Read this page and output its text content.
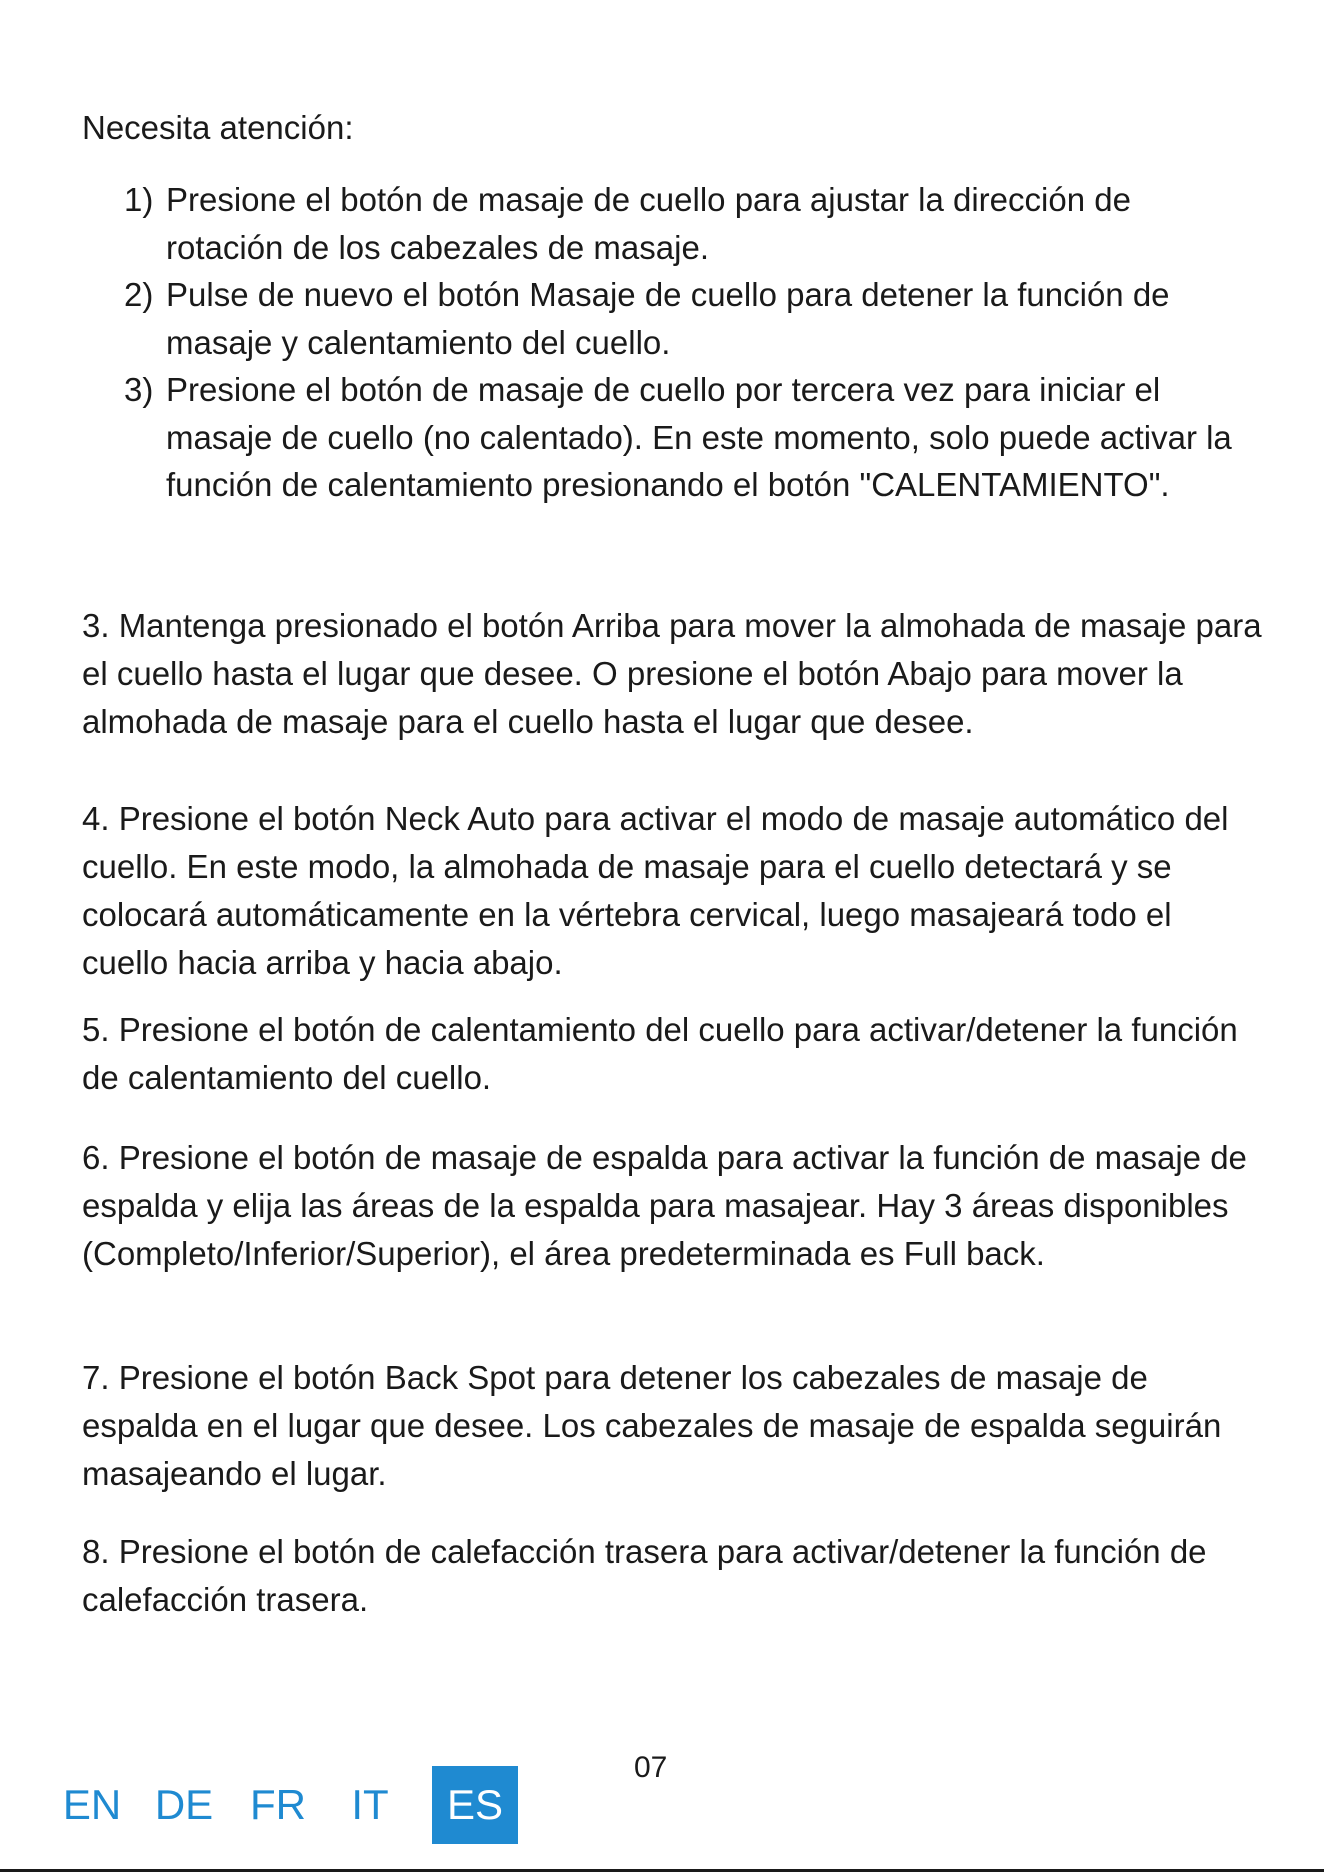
Necesita atención:

1) Presione el botón de masaje de cuello para ajustar la dirección de rotación de los cabezales de masaje.
2) Pulse de nuevo el botón Masaje de cuello para detener la función de masaje y calentamiento del cuello.
3) Presione el botón de masaje de cuello por tercera vez para iniciar el masaje de cuello (no calentado). En este momento, solo puede activar la función de calentamiento presionando el botón "CALENTAMIENTO".

3. Mantenga presionado el botón Arriba para mover la almohada de masaje para el cuello hasta el lugar que desee. O presione el botón Abajo para mover la almohada de masaje para el cuello hasta el lugar que desee.

4. Presione el botón Neck Auto para activar el modo de masaje automático del cuello. En este modo, la almohada de masaje para el cuello detectará y se colocará automáticamente en la vértebra cervical, luego masajeará todo el cuello hacia arriba y hacia abajo.

5. Presione el botón de calentamiento del cuello para activar/detener la función de calentamiento del cuello.

6. Presione el botón de masaje de espalda para activar la función de masaje de espalda y elija las áreas de la espalda para masajear. Hay 3 áreas disponibles (Completo/Inferior/Superior), el área predeterminada es Full back.

7. Presione el botón Back Spot para detener los cabezales de masaje de espalda en el lugar que desee. Los cabezales de masaje de espalda seguirán masajeando el lugar.

8. Presione el botón de calefacción trasera para activar/detener la función de calefacción trasera.

07
EN DE FR IT	ES
